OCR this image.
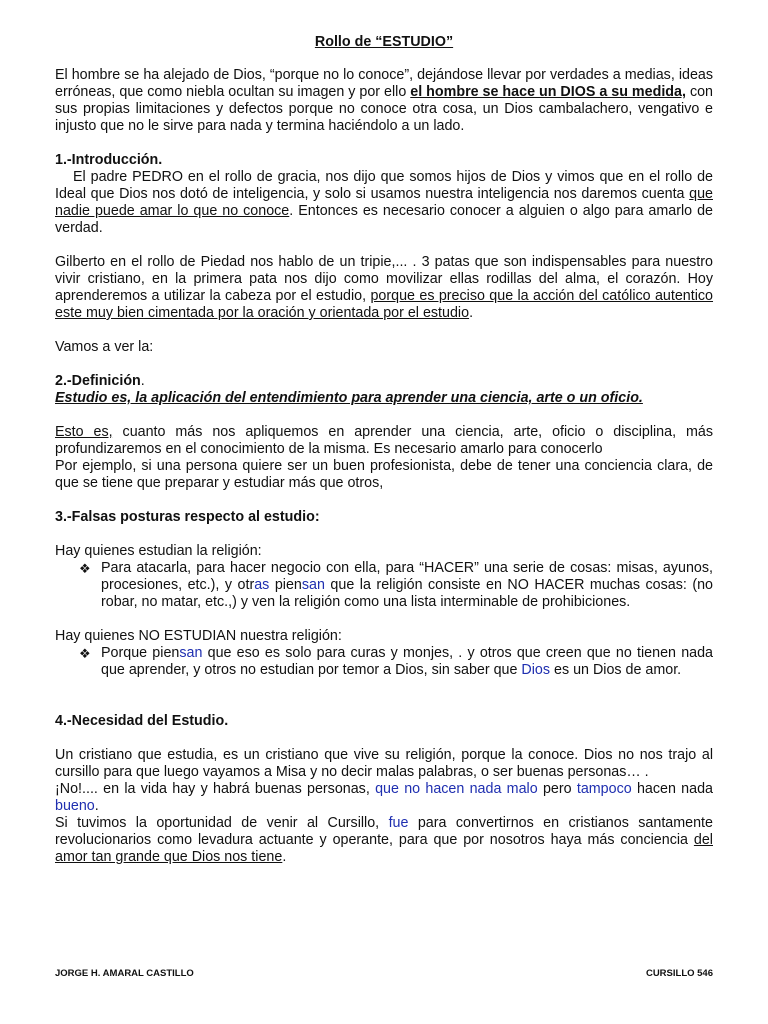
Rollo de “ESTUDIO”

El hombre se ha alejado de Dios, “porque no lo conoce”, dejándose llevar por verdades a medias, ideas erróneas, que como niebla ocultan su imagen y por ello el hombre se hace un DIOS a su medida, con sus propias limitaciones y defectos porque no conoce otra cosa, un Dios cambalachero, vengativo e injusto que no le sirve para nada y termina haciéndolo a un lado.

1.-Introducción.

El padre PEDRO en el rollo de gracia, nos dijo que somos hijos de Dios y vimos que en el rollo de Ideal que Dios nos dotó de inteligencia, y solo si usamos nuestra inteligencia nos daremos cuenta que nadie puede amar lo que no conoce. Entonces es necesario conocer a alguien o algo para amarlo de verdad.

Gilberto en el rollo de Piedad nos hablo de un tripie,... . 3 patas que son indispensables para nuestro vivir cristiano, en la primera pata nos dijo como movilizar ellas rodillas del alma, el corazón. Hoy aprenderemos a utilizar la cabeza por el estudio, porque es preciso que la acción del católico autentico este muy bien cimentada por la oración y orientada por el estudio.

Vamos a ver la:

2.-Definición.

Estudio es, la aplicación del entendimiento para aprender una ciencia, arte o un oficio.

Esto es, cuanto más nos apliquemos en aprender una ciencia, arte, oficio o disciplina, más profundizaremos en el conocimiento de la misma. Es necesario amarlo para conocerlo

Por ejemplo, si una persona quiere ser un buen profesionista, debe de tener una conciencia clara, de que se tiene que preparar y estudiar más que otros,

3.-Falsas posturas respecto al estudio:

Hay quienes estudian la religión:

❖ Para atacarla, para hacer negocio con ella, para “HACER” una serie de cosas: misas, ayunos, procesiones, etc.), y otras piensan que la religión consiste en NO HACER muchas cosas: (no robar, no matar, etc.,) y ven la religión como una lista interminable de prohibiciones.

Hay quienes NO ESTUDIAN nuestra religión:

❖ Porque piensan que eso es solo para curas y monjes, . y otros que creen que no tienen nada que aprender, y otros no estudian por temor a Dios, sin saber que Dios es un Dios de amor.

4.-Necesidad del Estudio.

Un cristiano que estudia, es un cristiano que vive su religión, porque la conoce. Dios no nos trajo al cursillo para que luego vayamos a Misa y no decir malas palabras, o ser buenas personas… .

¡No!.... en la vida hay y habrá buenas personas, que no hacen nada malo pero tampoco hacen nada bueno.

Si tuvimos la oportunidad de venir al Cursillo, fue para convertirnos en cristianos santamente revolucionarios como levadura actuante y operante, para que por nosotros haya más conciencia del amor tan grande que Dios nos tiene.

JORGE H. AMARAL CASTILLO	CURSILLO 546
